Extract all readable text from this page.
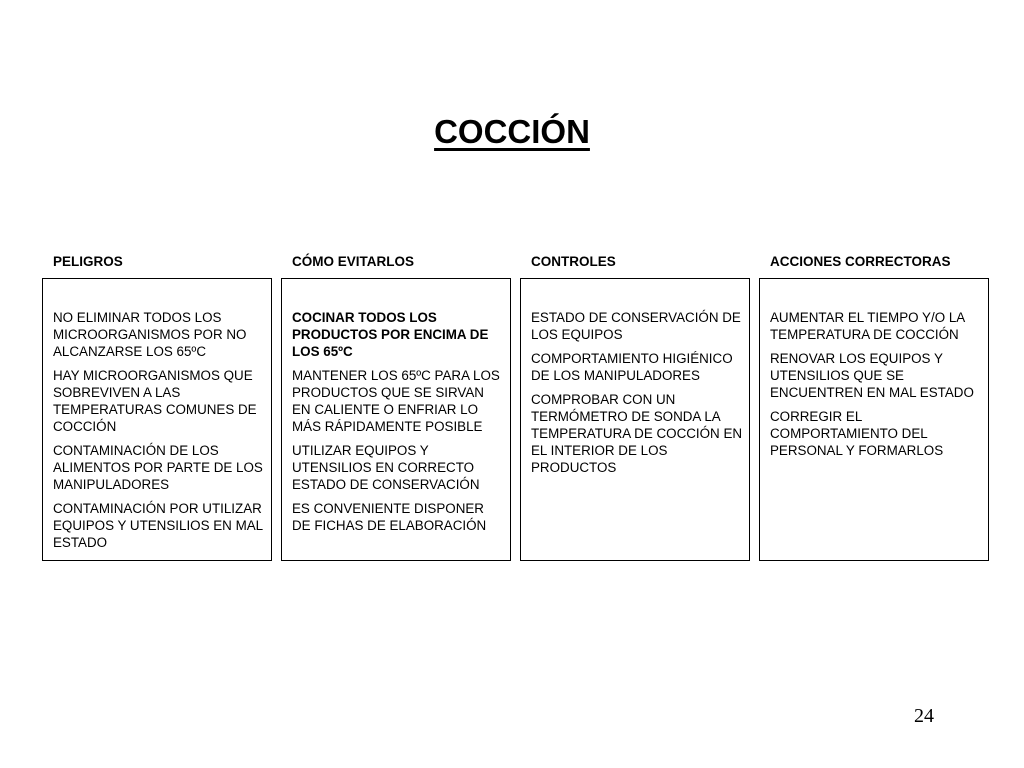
COCCIÓN
PELIGROS
NO ELIMINAR TODOS LOS MICROORGANISMOS POR NO ALCANZARSE LOS 65ºC
HAY MICROORGANISMOS QUE SOBREVIVEN A LAS TEMPERATURAS COMUNES DE COCCIÓN
CONTAMINACIÓN DE LOS ALIMENTOS POR PARTE DE LOS MANIPULADORES
CONTAMINACIÓN POR UTILIZAR EQUIPOS Y UTENSILIOS EN MAL ESTADO
CÓMO EVITARLOS
COCINAR TODOS LOS PRODUCTOS POR ENCIMA DE LOS 65ºC
MANTENER LOS 65ºC PARA LOS PRODUCTOS QUE SE SIRVAN EN CALIENTE O ENFRIAR LO MÁS RÁPIDAMENTE POSIBLE
UTILIZAR EQUIPOS Y UTENSILIOS EN CORRECTO ESTADO DE CONSERVACIÓN
ES CONVENIENTE DISPONER DE FICHAS DE ELABORACIÓN
CONTROLES
ESTADO DE CONSERVACIÓN DE LOS EQUIPOS
COMPORTAMIENTO HIGIÉNICO DE LOS MANIPULADORES
COMPROBAR CON UN TERMÓMETRO DE SONDA LA TEMPERATURA DE COCCIÓN EN EL INTERIOR DE LOS PRODUCTOS
ACCIONES CORRECTORAS
AUMENTAR EL TIEMPO Y/O LA TEMPERATURA DE COCCIÓN
RENOVAR LOS EQUIPOS Y UTENSILIOS QUE SE ENCUENTREN EN MAL ESTADO
CORREGIR EL COMPORTAMIENTO DEL PERSONAL Y FORMARLOS
24
